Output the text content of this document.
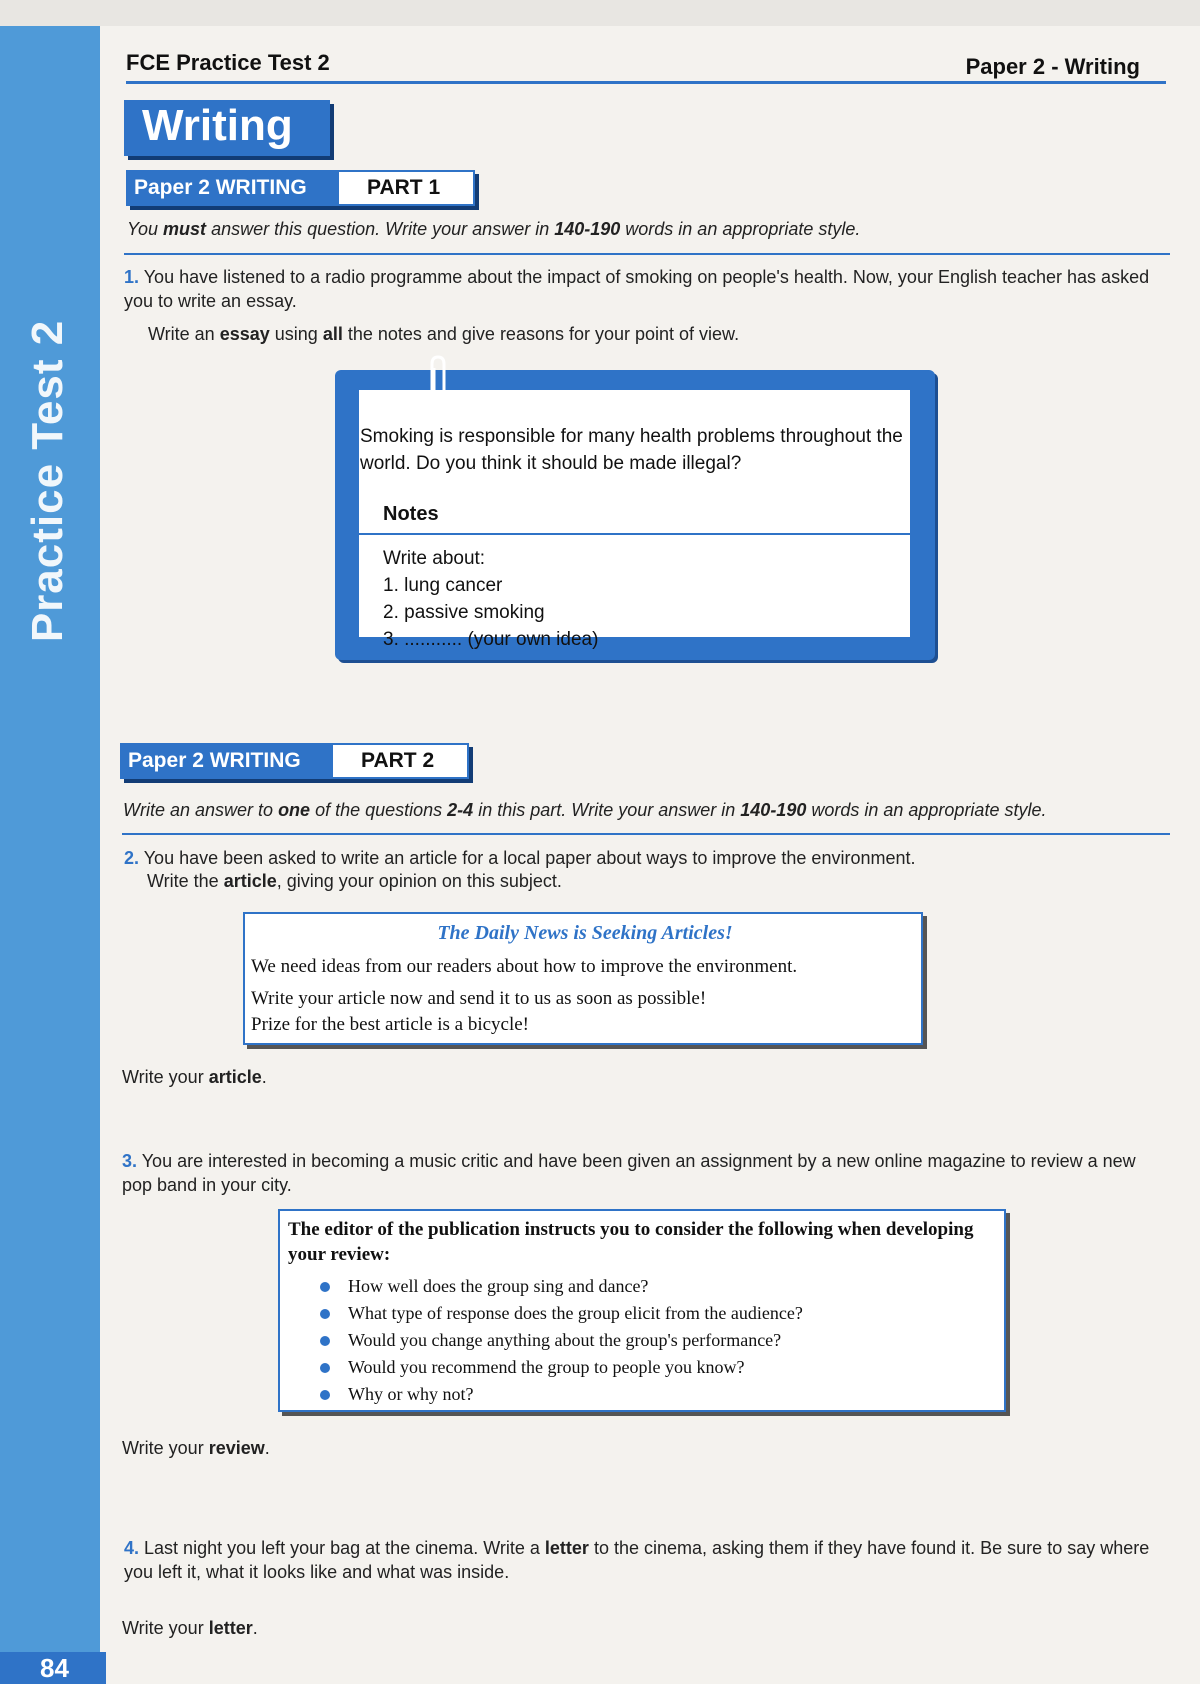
Practice Test 2
84
FCE Practice Test 2	Paper 2 - Writing
Writing
Paper 2 WRITING	PART 1
You must answer this question. Write your answer in 140-190 words in an appropriate style.
1. You have listened to a radio programme about the impact of smoking on people's health. Now, your English teacher has asked you to write an essay.
Write an essay using all the notes and give reasons for your point of view.
Notes
Write about:
1. lung cancer
2. passive smoking
3. ........... (your own idea)
Smoking is responsible for many health problems throughout the world. Do you think it should be made illegal?
Paper 2 WRITING	PART 2
Write an answer to one of the questions 2-4 in this part. Write your answer in 140-190 words in an appropriate style.
2. You have been asked to write an article for a local paper about ways to improve the environment.
Write the article, giving your opinion on this subject.
The Daily News is Seeking Articles!
We need ideas from our readers about how to improve the environment.
Write your article now and send it to us as soon as possible!
Prize for the best article is a bicycle!
Write your article.
3. You are interested in becoming a music critic and have been given an assignment by a new online magazine to review a new pop band in your city.
The editor of the publication instructs you to consider the following when developing your review:
How well does the group sing and dance?
What type of response does the group elicit from the audience?
Would you change anything about the group's performance?
Would you recommend the group to people you know?
Why or why not?
Write your review.
4. Last night you left your bag at the cinema. Write a letter to the cinema, asking them if they have found it. Be sure to say where you left it, what it looks like and what was inside.
Write your letter.
